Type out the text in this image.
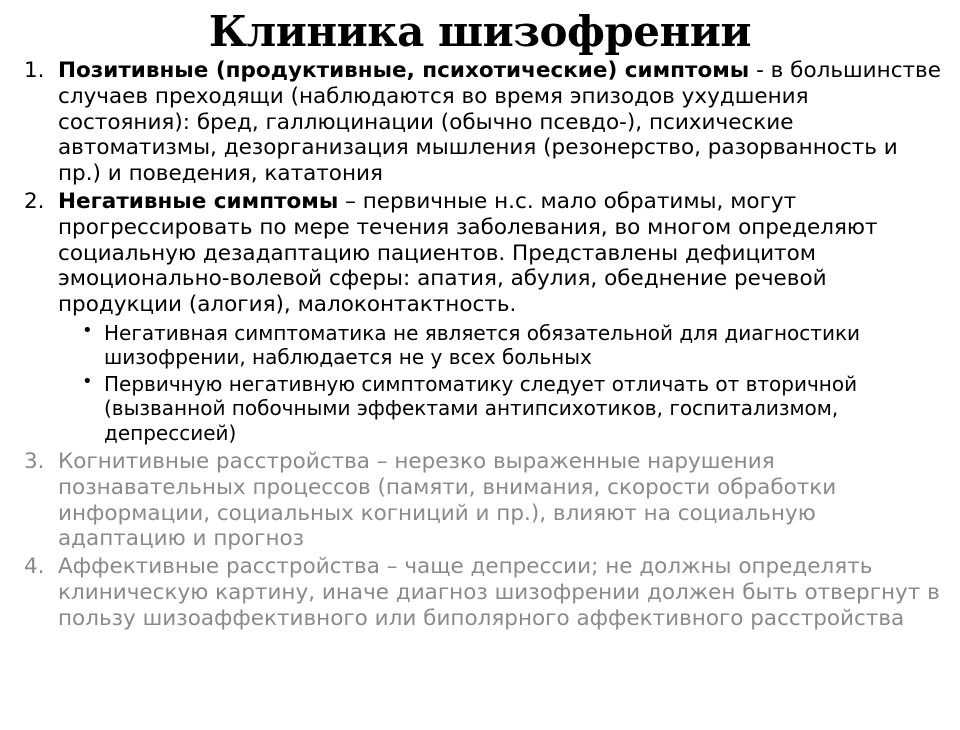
Клиника шизофрении
1. Позитивные (продуктивные, психотические) симптомы - в большинстве случаев преходящи (наблюдаются во время эпизодов ухудшения состояния): бред, галлюцинации (обычно псевдо-), психические автоматизмы, дезорганизация мышления (резонерство, разорванность и пр.) и поведения, кататония
2. Негативные симптомы – первичные н.с. мало обратимы, могут прогрессировать по мере течения заболевания, во многом определяют социальную дезадаптацию пациентов. Представлены дефицитом эмоционально-волевой сферы: апатия, абулия, обеднение речевой продукции (алогия), малоконтактность.
• Негативная симптоматика не является обязательной для диагностики шизофрении, наблюдается не у всех больных
• Первичную негативную симптоматику следует отличать от вторичной (вызванной побочными эффектами антипсихотиков, госпитализмом, депрессией)
3. Когнитивные расстройства – нерезко выраженные нарушения познавательных процессов (памяти, внимания, скорости обработки информации, социальных когниций и пр.), влияют на социальную адаптацию и прогноз
4. Аффективные расстройства – чаще депрессии; не должны определять клиническую картину, иначе диагноз шизофрении должен быть отвергнут в пользу шизоаффективного или биполярного аффективного расстройства
